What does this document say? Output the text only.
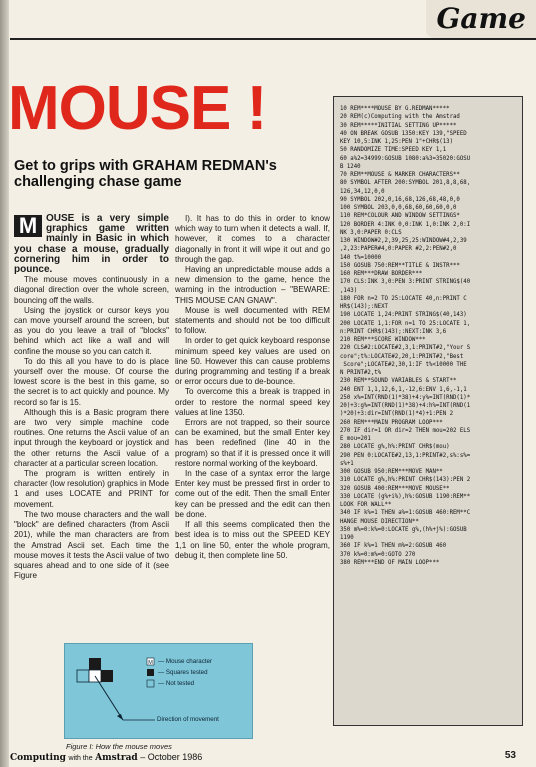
Game
MOUSE !
Get to grips with GRAHAM REDMAN's challenging chase game

M OUSE is a very simple graphics game written mainly in Basic in which you chase a mouse, gradually cornering him in order to pounce.

The mouse moves continuously in a diagonal direction over the whole screen, bouncing off the walls.

Using the joystick or cursor keys you can move yourself around the screen, but as you do you leave a trail of "blocks" behind which act like a wall and will confine the mouse so you can catch it.

To do this all you have to do is place yourself over the mouse. Of course the lowest score is the best in this game, so the secret is to act quickly and pounce. My record so far is 15.

Although this is a Basic program there are two very simple machine code routines. One returns the Ascii value of an input through the keyboard or joystick and the other returns the Ascii value of a character at a particular screen location.

The program is written entirely in character (low resolution) graphics in Mode 1 and uses LOCATE and PRINT for movement.

The two mouse characters and the wall "block" are defined characters (from Ascii 201), while the man characters are from the Amstrad Ascii set. Each time the mouse moves it tests the Ascii value of two squares ahead and to one side of it (see Figure

I). It has to do this in order to know which way to turn when it detects a wall. If, however, it comes to a character diagonally in front it will wipe it out and go through the gap.

Having an unpredictable mouse adds a new dimension to the game, hence the warning in the introduction – "BEWARE: THIS MOUSE CAN GNAW".

Mouse is well documented with REM statements and should not be too difficult to follow.

In order to get quick keyboard response minimum speed key values are used on line 50. However this can cause problems during programming and testing if a break or error occurs due to de-bounce.

To overcome this a break is trapped in order to restore the normal speed key values at line 1350.

Errors are not trapped, so their source can be examined, but the small Enter key has been redefined (line 40 in the program) so that if it is pressed once it will restore normal working of the keyboard.

In the case of a syntax error the large Enter key must be pressed first in order to come out of the edit. Then the small Enter key can be pressed and the edit can then be done.

If all this seems complicated then the best idea is to miss out the SPEED KEY 1,1 on line 50, enter the whole program, debug it, then complete line 50.

10 REM****MOUSE BY G.REDMAN*****
20 REM(c)Computing with the Amstrad
30 REM*****INITIAL SETTING UP*****
40 ON BREAK GOSUB 1350:KEY 139,"SPEED
KEY 10,5:INK 1,25:PEN 1"+CHR$(13)
50 RANDOMIZE TIME:SPEED KEY 1,1
60 a%2=34999:GOSUB 1080:a%3=35020:GOSU
B 1240
70 REM**MOUSE & MARKER CHARACTERS**
80 SYMBOL AFTER 200:SYMBOL 201,8,8,68,
126,34,12,0,0
90 SYMBOL 202,0,16,68,126,68,48,0,0
100 SYMBOL 203,0,0,68,60,60,60,0,0
110 REM*COLOUR AND WINDOW SETTINGS*
120 BORDER 4:INK 0,0:INK 1,0:INK 2,0:I
NK 3,0:PAPER 0:CLS
130 WINDOW#2,2,39,25,25:WINDOW#4,2,39
,2,23:PAPER#4,0:PAPER #2,2:PEN#2,0
140 t%=10000
150 GOSUB 750:REM**TITLE & INSTR***
160 REM***DRAW BORDER***
170 CLS:INK 3,0:PEN 3:PRINT STRING$(40
,143)
180 FOR n=2 TO 25:LOCATE 40,n:PRINT C
HR$(143);:NEXT
190 LOCATE 1,24:PRINT STRING$(40,143)
200 LOCATE 1,1:FOR n=1 TO 25:LOCATE 1,
n:PRINT CHR$(143);:NEXT:INK 3,6
210 REM***SCORE WINDOW***
220 CLS#2:LOCATE#2,3,1:PRINT#2,"Your S
core";t%:LOCATE#2,20,1:PRINT#2,"Best
Score";LOCATE#2,30,1:IF t%<10000 THE
N PRINT#2,t%
230 REM**SOUND VARIABLES & START**
240 ENT 1,1,12,6,1,-12,6:ENV 1,6,-1,1
250 x%=INT(RND(1)*38)+4:y%=INT(RND(1)*
20)+3:g%=INT(RND(1)*38)+4:h%=INT(RND(1
)*20)+3:dir=INT(RND(1)*4)+1:PEN 2
260 REM***MAIN PROGRAM LOOP***
270 IF dir=1 OR dir=2 THEN mou=202 ELS
E mou=201
280 LOCATE g%,h%:PRINT CHR$(mou)
290 PEN 0:LOCATE#2,13,1:PRINT#2,s%:s%=
s%+1
300 GOSUB 950:REM***MOVE MAN**
310 LOCATE g%,h%:PRINT CHR$(143):PEN 2
320 GOSUB 400:REM***MOVE MOUSE**
330 LOCATE (g%+i%),h%:GOSUB 1190:REM**
LOOK FOR WALL**
340 IF k%=1 THEN a%=1:GOSUB 460:REM**C
HANGE MOUSE DIRECTION**
350 m%=0:k%=0:LOCATE g%,(h%+j%):GOSUB
1190
360 IF k%=1 THEN m%=2:GOSUB 460
370 k%=0:m%=0:GOTO 270
380 REM***END OF MAIN LOOP***
M — Mouse character
— Squares tested
— Not tested
Direction of movement
Figure I: How the mouse moves
Computing with the Amstrad – October 1986	53
